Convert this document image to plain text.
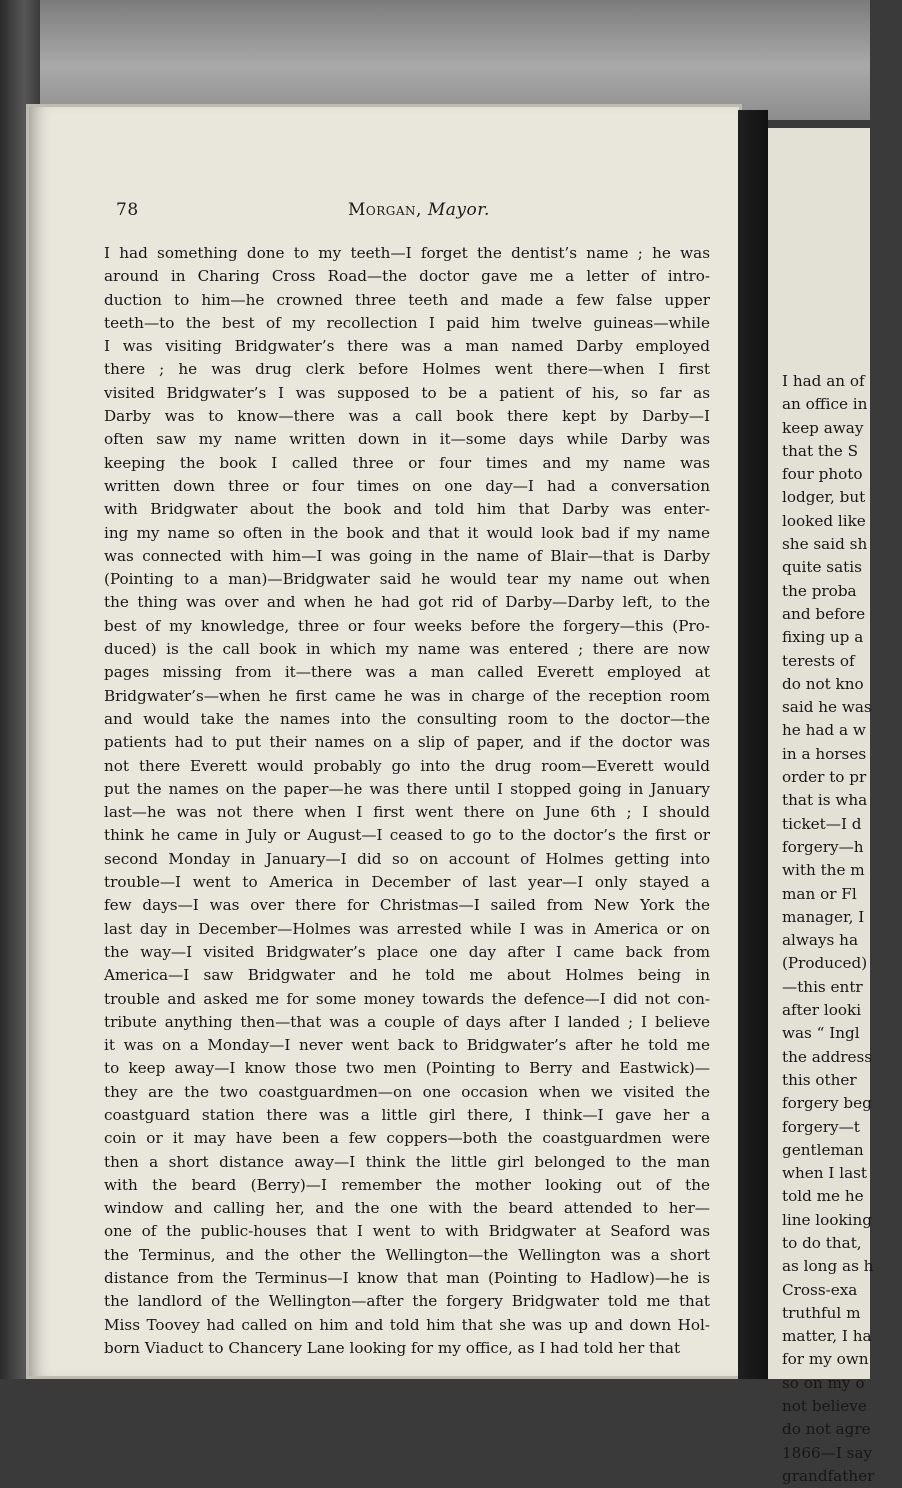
I had an of
an office in
keep away
that the S
four photo
lodger, but
looked like
she said sh
quite satis
the proba
and before
fixing up a
terests of
do not kno
said he was
he had a w
in a horses
order to pr
that is wha
ticket—I d
forgery—h
with the m
man or Fl
manager, I
always ha
(Produced)
—this entr
after looki
was “ Ingl
the address
this other
forgery beg
forgery—t
gentleman
when I last
told me he
line looking
to do that,
as long as h
Cross-exa
truthful m
matter, I ha
for my own
so on my o
not believe
do not agre
1866—I say
grandfather
78	Morgan, Mayor.
I had something done to my teeth—I forget the dentist’s name ; he was
around in Charing Cross Road—the doctor gave me a letter of intro-
duction to him—he crowned three teeth and made a few false upper
teeth—to the best of my recollection I paid him twelve guineas—while
I was visiting Bridgwater’s there was a man named Darby employed
there ; he was drug clerk before Holmes went there—when I first
visited Bridgwater’s I was supposed to be a patient of his, so far as
Darby was to know—there was a call book there kept by Darby—I
often saw my name written down in it—some days while Darby was
keeping the book I called three or four times and my name was
written down three or four times on one day—I had a conversation
with Bridgwater about the book and told him that Darby was enter-
ing my name so often in the book and that it would look bad if my name
was connected with him—I was going in the name of Blair—that is Darby
(Pointing to a man)—Bridgwater said he would tear my name out when
the thing was over and when he had got rid of Darby—Darby left, to the
best of my knowledge, three or four weeks before the forgery—this (Pro-
duced) is the call book in which my name was entered ; there are now
pages missing from it—there was a man called Everett employed at
Bridgwater’s—when he first came he was in charge of the reception room
and would take the names into the consulting room to the doctor—the
patients had to put their names on a slip of paper, and if the doctor was
not there Everett would probably go into the drug room—Everett would
put the names on the paper—he was there until I stopped going in January
last—he was not there when I first went there on June 6th ; I should
think he came in July or August—I ceased to go to the doctor’s the first or
second Monday in January—I did so on account of Holmes getting into
trouble—I went to America in December of last year—I only stayed a
few days—I was over there for Christmas—I sailed from New York the
last day in December—Holmes was arrested while I was in America or on
the way—I visited Bridgwater’s place one day after I came back from
America—I saw Bridgwater and he told me about Holmes being in
trouble and asked me for some money towards the defence—I did not con-
tribute anything then—that was a couple of days after I landed ; I believe
it was on a Monday—I never went back to Bridgwater’s after he told me
to keep away—I know those two men (Pointing to Berry and Eastwick)—
they are the two coastguardmen—on one occasion when we visited the
coastguard station there was a little girl there, I think—I gave her a
coin or it may have been a few coppers—both the coastguardmen were
then a short distance away—I think the little girl belonged to the man
with the beard (Berry)—I remember the mother looking out of the
window and calling her, and the one with the beard attended to her—
one of the public-houses that I went to with Bridgwater at Seaford was
the Terminus, and the other the Wellington—the Wellington was a short
distance from the Terminus—I know that man (Pointing to Hadlow)—he is
the landlord of the Wellington—after the forgery Bridgwater told me that
Miss Toovey had called on him and told him that she was up and down Hol-
born Viaduct to Chancery Lane looking for my office, as I had told her that
